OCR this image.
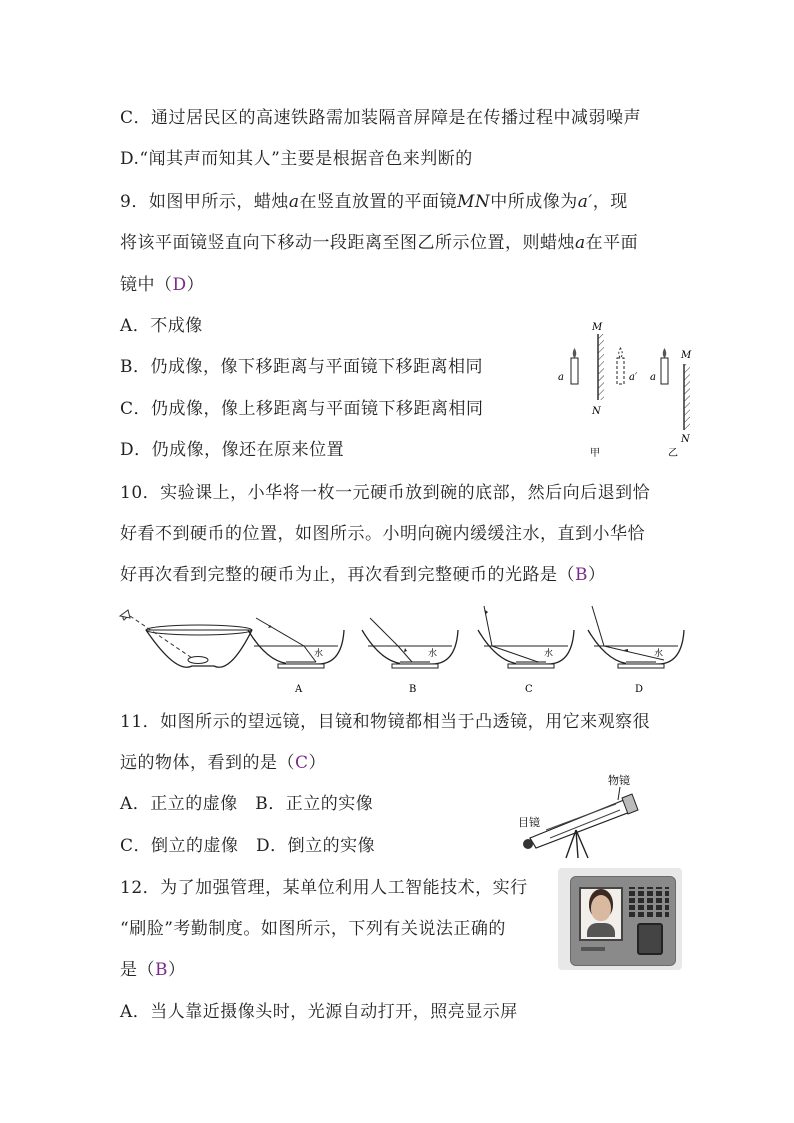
C．通过居民区的高速铁路需加装隔音屏障是在传播过程中减弱噪声
D.“闻其声而知其人”主要是根据音色来判断的
9．如图甲所示，蜡烛a在竖直放置的平面镜MN中所成像为a′，现
将该平面镜竖直向下移动一段距离至图乙所示位置，则蜡烛a在平面
镜中（D）
A．不成像
B．仍成像，像下移距离与平面镜下移距离相同
C．仍成像，像上移距离与平面镜下移距离相同
D．仍成像，像还在原来位置
10．实验课上，小华将一枚一元硬币放到碗的底部，然后向后退到恰
好看不到硬币的位置，如图所示。小明向碗内缓缓注水，直到小华恰
好再次看到完整的硬币为止，再次看到完整硬币的光路是（B）
11．如图所示的望远镜，目镜和物镜都相当于凸透镜，用它来观察很
远的物体，看到的是（C）
A．正立的虚像　B．正立的实像
C．倒立的虚像　D．倒立的实像
12．为了加强管理，某单位利用人工智能技术，实行
“刷脸”考勤制度。如图所示，下列有关说法正确的
是（B）
A．当人靠近摄像头时，光源自动打开，照亮显示屏
M
N
a	a′
甲
a
M
N
乙
水
A
水
B
水
C
水
D
物镜
目镜
